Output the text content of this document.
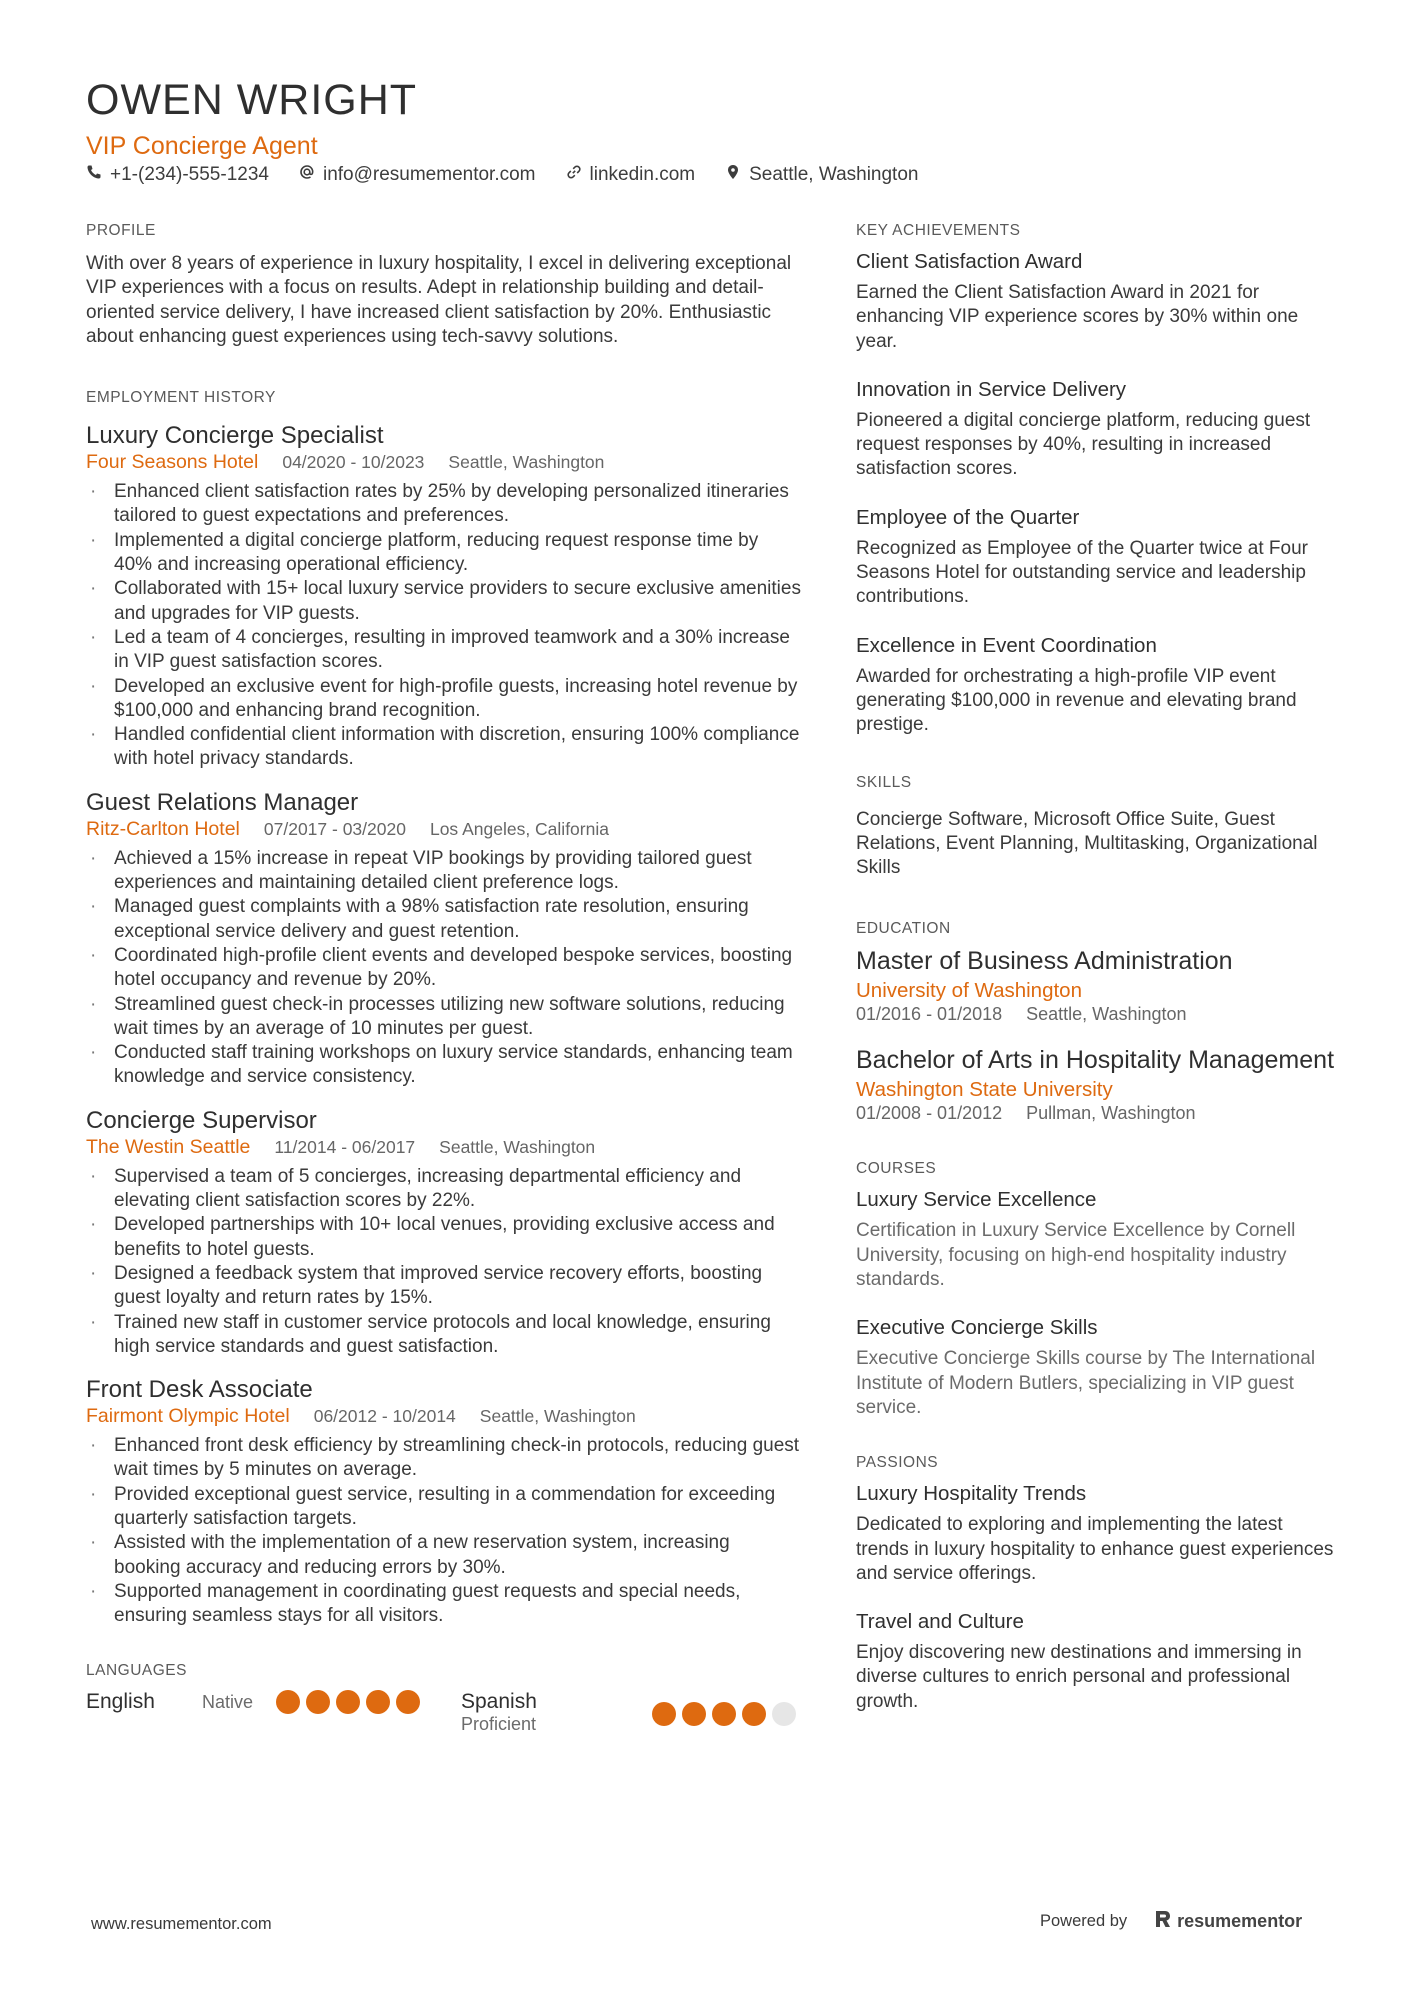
OWEN WRIGHT
VIP Concierge Agent
+1-(234)-555-1234	info@resumementor.com	linkedin.com	Seattle, Washington
PROFILE
With over 8 years of experience in luxury hospitality, I excel in delivering exceptional VIP experiences with a focus on results. Adept in relationship building and detail-oriented service delivery, I have increased client satisfaction by 20%. Enthusiastic about enhancing guest experiences using tech-savvy solutions.
EMPLOYMENT HISTORY
Luxury Concierge Specialist
Four Seasons Hotel 04/2020 - 10/2023 Seattle, Washington
· Enhanced client satisfaction rates by 25% by developing personalized itineraries tailored to guest expectations and preferences.
· Implemented a digital concierge platform, reducing request response time by 40% and increasing operational efficiency.
· Collaborated with 15+ local luxury service providers to secure exclusive amenities and upgrades for VIP guests.
· Led a team of 4 concierges, resulting in improved teamwork and a 30% increase in VIP guest satisfaction scores.
· Developed an exclusive event for high-profile guests, increasing hotel revenue by $100,000 and enhancing brand recognition.
· Handled confidential client information with discretion, ensuring 100% compliance with hotel privacy standards.
Guest Relations Manager
Ritz-Carlton Hotel 07/2017 - 03/2020 Los Angeles, California
· Achieved a 15% increase in repeat VIP bookings by providing tailored guest experiences and maintaining detailed client preference logs.
· Managed guest complaints with a 98% satisfaction rate resolution, ensuring exceptional service delivery and guest retention.
· Coordinated high-profile client events and developed bespoke services, boosting hotel occupancy and revenue by 20%.
· Streamlined guest check-in processes utilizing new software solutions, reducing wait times by an average of 10 minutes per guest.
· Conducted staff training workshops on luxury service standards, enhancing team knowledge and service consistency.
Concierge Supervisor
The Westin Seattle 11/2014 - 06/2017 Seattle, Washington
· Supervised a team of 5 concierges, increasing departmental efficiency and elevating client satisfaction scores by 22%.
· Developed partnerships with 10+ local venues, providing exclusive access and benefits to hotel guests.
· Designed a feedback system that improved service recovery efforts, boosting guest loyalty and return rates by 15%.
· Trained new staff in customer service protocols and local knowledge, ensuring high service standards and guest satisfaction.
Front Desk Associate
Fairmont Olympic Hotel 06/2012 - 10/2014 Seattle, Washington
· Enhanced front desk efficiency by streamlining check-in protocols, reducing guest wait times by 5 minutes on average.
· Provided exceptional guest service, resulting in a commendation for exceeding quarterly satisfaction targets.
· Assisted with the implementation of a new reservation system, increasing booking accuracy and reducing errors by 30%.
· Supported management in coordinating guest requests and special needs, ensuring seamless stays for all visitors.
LANGUAGES
English	Native	Spanish
Proficient
KEY ACHIEVEMENTS
Client Satisfaction Award
Earned the Client Satisfaction Award in 2021 for enhancing VIP experience scores by 30% within one year.
Innovation in Service Delivery
Pioneered a digital concierge platform, reducing guest request responses by 40%, resulting in increased satisfaction scores.
Employee of the Quarter
Recognized as Employee of the Quarter twice at Four Seasons Hotel for outstanding service and leadership contributions.
Excellence in Event Coordination
Awarded for orchestrating a high-profile VIP event generating $100,000 in revenue and elevating brand prestige.
SKILLS
Concierge Software, Microsoft Office Suite, Guest Relations, Event Planning, Multitasking, Organizational Skills
EDUCATION
Master of Business Administration
University of Washington
01/2016 - 01/2018 Seattle, Washington
Bachelor of Arts in Hospitality Management
Washington State University
01/2008 - 01/2012 Pullman, Washington
COURSES
Luxury Service Excellence
Certification in Luxury Service Excellence by Cornell University, focusing on high-end hospitality industry standards.
Executive Concierge Skills
Executive Concierge Skills course by The International Institute of Modern Butlers, specializing in VIP guest service.
PASSIONS
Luxury Hospitality Trends
Dedicated to exploring and implementing the latest trends in luxury hospitality to enhance guest experiences and service offerings.
Travel and Culture
Enjoy discovering new destinations and immersing in diverse cultures to enrich personal and professional growth.
www.resumementor.com	Powered by	resumementor
